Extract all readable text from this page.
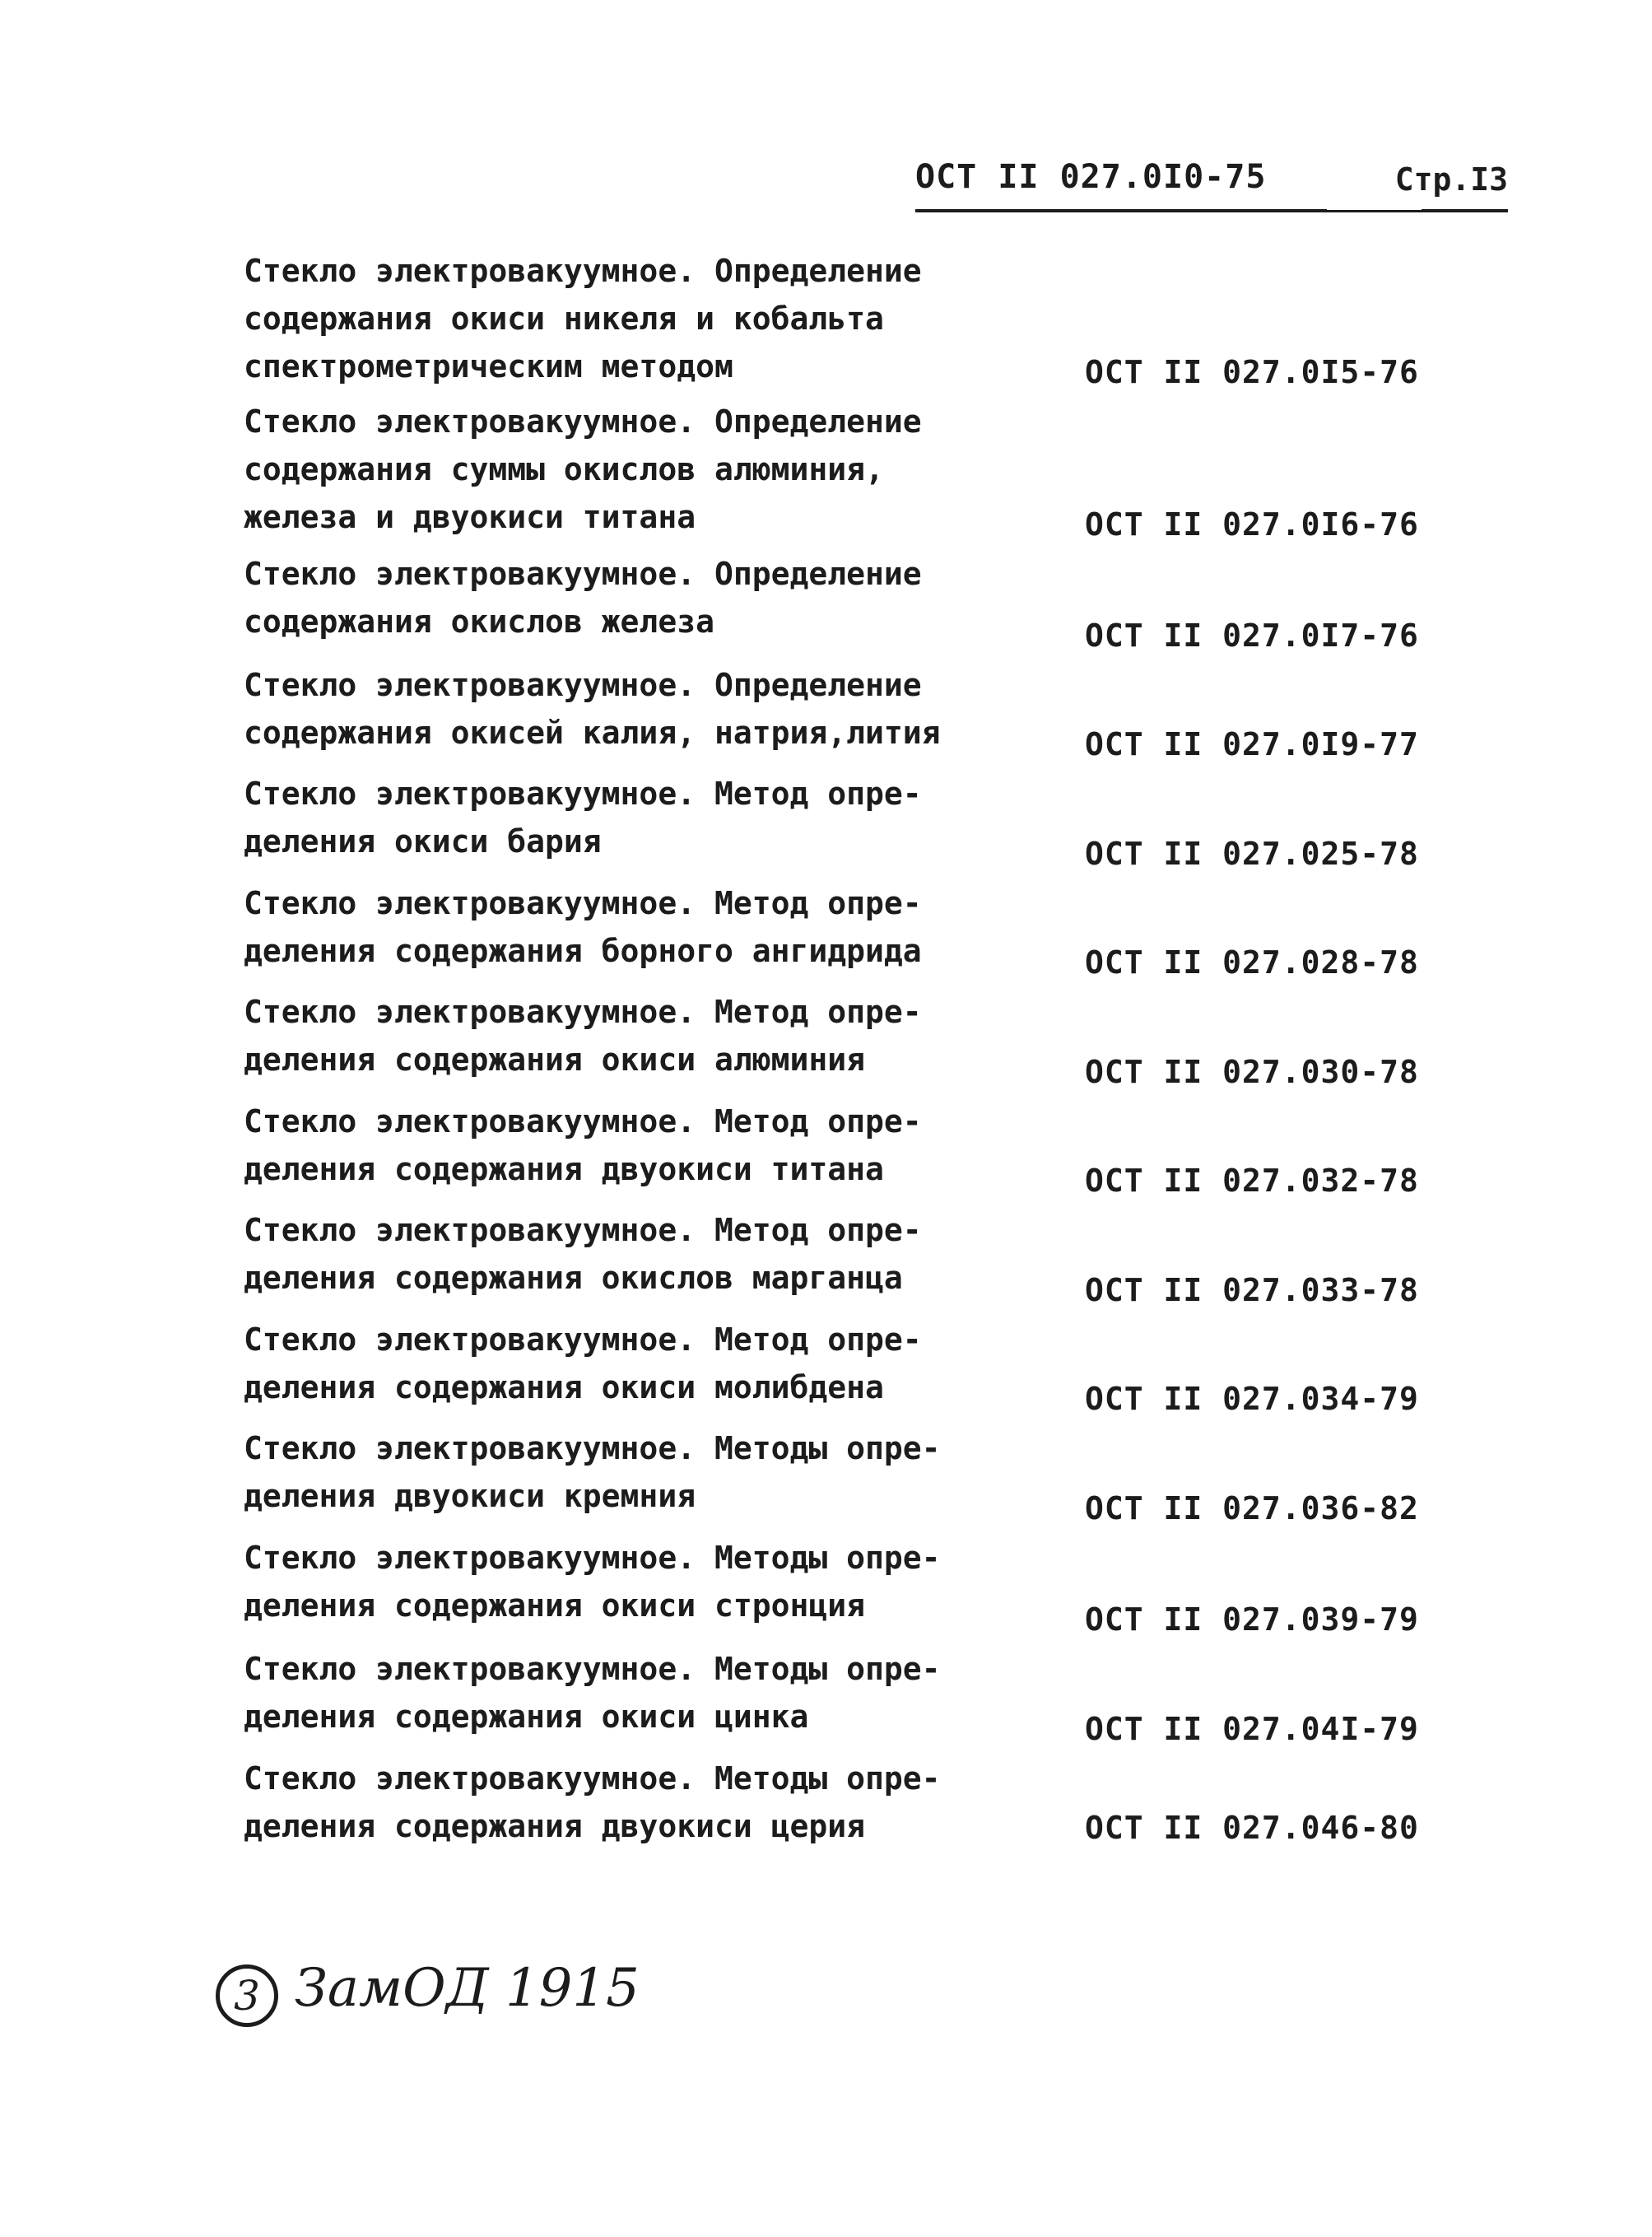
ОСТ II 027.0I0-75	Стр.I3
Стекло электровакуумное. Определение
содержания окиси никеля и кобальта
спектрометрическим методом	ОСТ II 027.0I5-76
Стекло электровакуумное. Определение
содержания суммы окислов алюминия,
железа и двуокиси титана	ОСТ II 027.0I6-76
Стекло электровакуумное. Определение
содержания окислов железа	ОСТ II 027.0I7-76
Стекло электровакуумное. Определение
содержания окисей калия, натрия,лития	ОСТ II 027.0I9-77
Стекло электровакуумное. Метод опре-
деления окиси бария	ОСТ II 027.025-78
Стекло электровакуумное. Метод опре-
деления содержания борного ангидрида	ОСТ II 027.028-78
Стекло электровакуумное. Метод опре-
деления содержания окиси алюминия	ОСТ II 027.030-78
Стекло электровакуумное. Метод опре-
деления содержания двуокиси титана	ОСТ II 027.032-78
Стекло электровакуумное. Метод опре-
деления содержания окислов марганца	ОСТ II 027.033-78
Стекло электровакуумное. Метод опре-
деления содержания окиси молибдена	ОСТ II 027.034-79
Стекло электровакуумное. Методы опре-
деления двуокиси кремния	ОСТ II 027.036-82
Стекло электровакуумное. Методы опре-
деления содержания окиси стронция	ОСТ II 027.039-79
Стекло электровакуумное. Методы опре-
деления содержания окиси цинка	ОСТ II 027.04I-79
Стекло электровакуумное. Методы опре-
деления содержания двуокиси церия	ОСТ II 027.046-80
3 ЗамОД 1915
